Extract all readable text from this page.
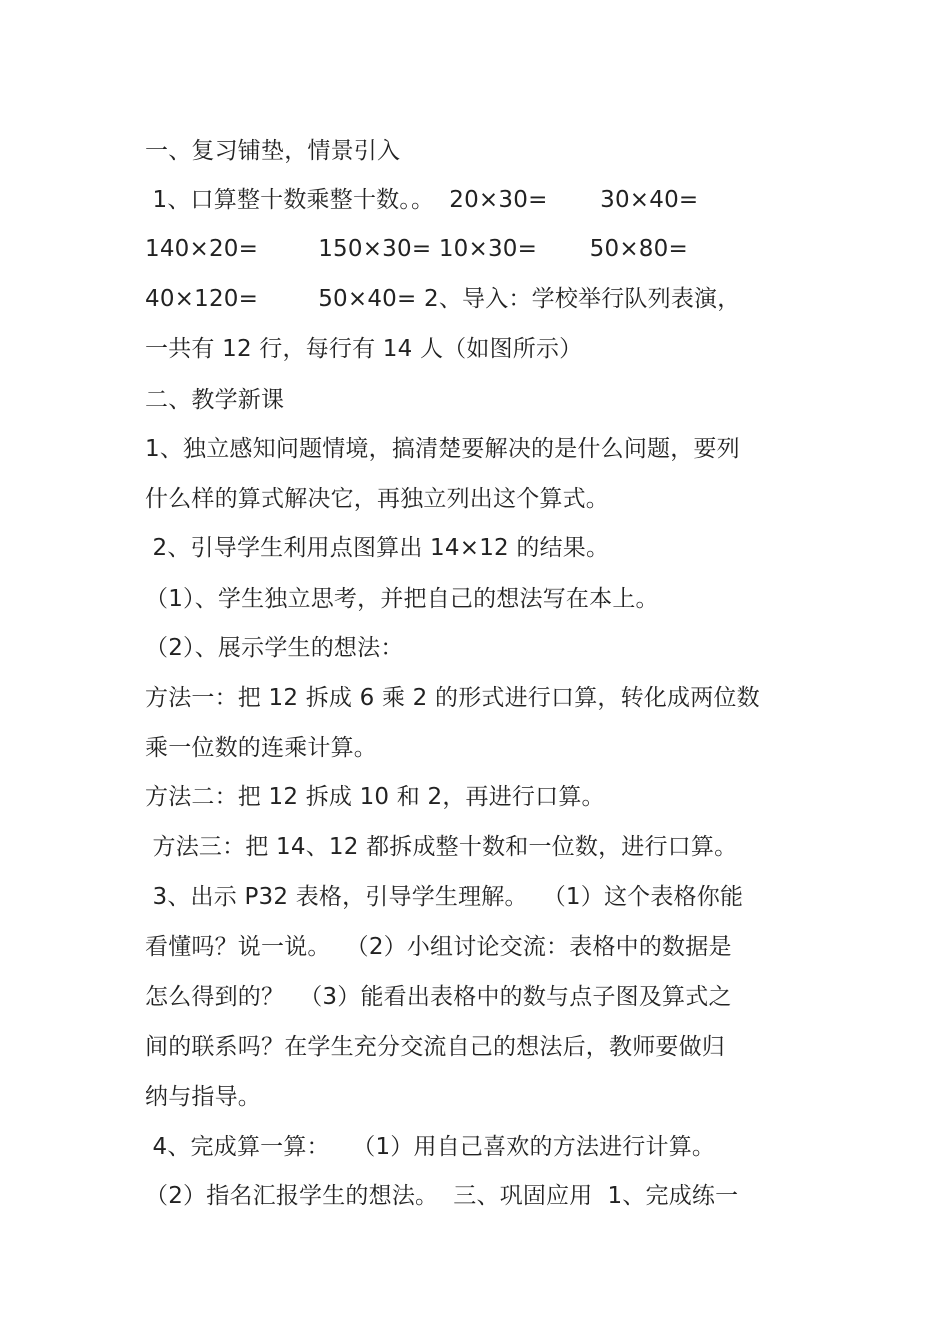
一、复习铺垫，情景引入
1、口算整十数乘整十数。。  20×30=       30×40=
140×20=        150×30= 10×30=       50×80=
40×120=        50×40= 2、导入：学校举行队列表演，
一共有 12 行，每行有 14 人（如图所示）
二、教学新课
1、独立感知问题情境，搞清楚要解决的是什么问题，要列
什么样的算式解决它，再独立列出这个算式。
2、引导学生利用点图算出 14×12 的结果。
（1）、学生独立思考，并把自己的想法写在本上。
（2）、展示学生的想法：
方法一：把 12 拆成 6 乘 2 的形式进行口算，转化成两位数
乘一位数的连乘计算。
方法二：把 12 拆成 10 和 2，再进行口算。
方法三：把 14、12 都拆成整十数和一位数，进行口算。
3、出示 P32 表格，引导学生理解。  （1）这个表格你能
看懂吗？说一说。  （2）小组讨论交流：表格中的数据是
怎么得到的？  （3）能看出表格中的数与点子图及算式之
间的联系吗？在学生充分交流自己的想法后，教师要做归
纳与指导。
4、完成算一算：   （1）用自己喜欢的方法进行计算。
（2）指名汇报学生的想法。  三、巩固应用  1、完成练一
